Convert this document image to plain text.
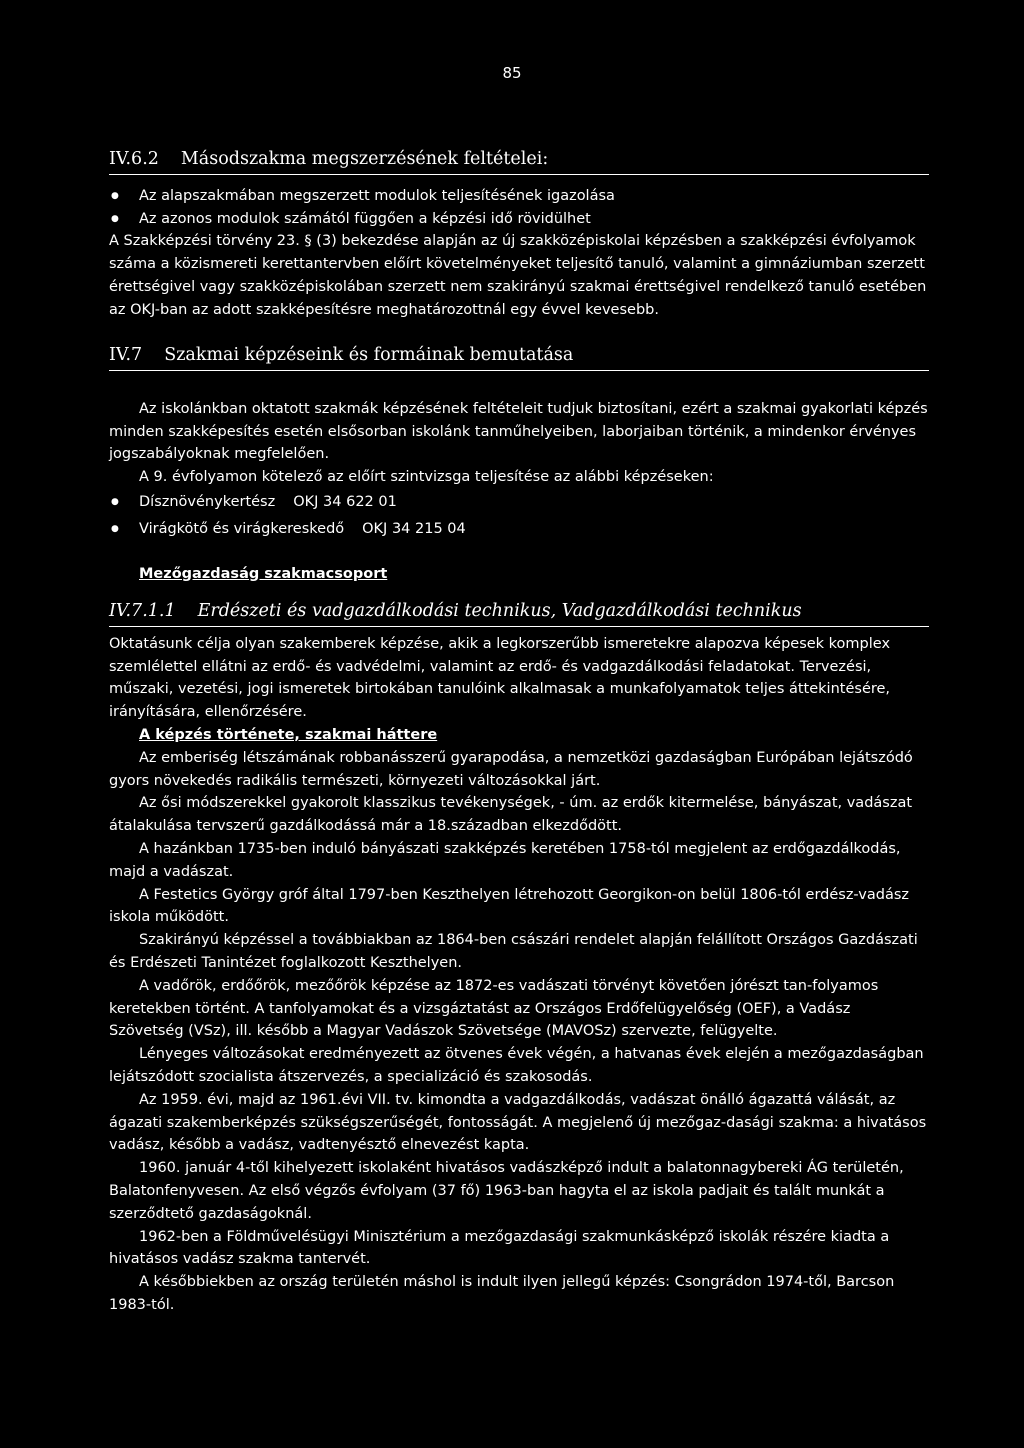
85
IV.6.2 Másodszakma megszerzésének feltételei:
● Az alapszakmában megszerzett modulok teljesítésének igazolása
● Az azonos modulok számától függően a képzési idő rövidülhet

A Szakképzési törvény 23. § (3) bekezdése alapján az új szakközépiskolai képzésben a szakképzési évfolyamok száma a közismereti kerettantervben előírt követelményeket teljesítő tanuló, valamint a gimnáziumban szerzett érettségivel vagy szakközépiskolában szerzett nem szakirányú szakmai érettségivel rendelkező tanuló esetében az OKJ-ban az adott szakképesítésre meghatározottnál egy évvel kevesebb.

IV.7 Szakmai képzéseink és formáinak bemutatása

Az iskolánkban oktatott szakmák képzésének feltételeit tudjuk biztosítani, ezért a szakmai gyakorlati képzés minden szakképesítés esetén elsősorban iskolánk tanműhelyeiben, laborjaiban történik, a mindenkor érvényes jogszabályoknak megfelelően.

A 9. évfolyamon kötelező az előírt szintvizsga teljesítése az alábbi képzéseken:

● Dísznövénykertész OKJ 34 622 01
● Virágkötő és virágkereskedő OKJ 34 215 04
Mezőgazdaság szakmacsoport
IV.7.1.1 Erdészeti és vadgazdálkodási technikus, Vadgazdálkodási technikus

Oktatásunk célja olyan szakemberek képzése, akik a legkorszerűbb ismeretekre alapozva képesek komplex szemlélettel ellátni az erdő- és vadvédelmi, valamint az erdő- és vadgazdálkodási feladatokat. Tervezési, műszaki, vezetési, jogi ismeretek birtokában tanulóink alkalmasak a munkafolyamatok teljes áttekintésére, irányítására, ellenőrzésére.

A képzés története, szakmai háttere

Az emberiség létszámának robbanásszerű gyarapodása, a nemzetközi gazdaságban Európában lejátszódó gyors növekedés radikális természeti, környezeti változásokkal járt.

Az ősi módszerekkel gyakorolt klasszikus tevékenységek, - úm. az erdők kitermelése, bányászat, vadászat átalakulása tervszerű gazdálkodássá már a 18.században elkezdődött.

A hazánkban 1735-ben induló bányászati szakképzés keretében 1758-tól megjelent az erdőgazdálkodás, majd a vadászat.

A Festetics György gróf által 1797-ben Keszthelyen létrehozott Georgikon-on belül 1806-tól erdész-vadász iskola működött.

Szakirányú képzéssel a továbbiakban az 1864-ben császári rendelet alapján felállított Országos Gazdászati és Erdészeti Tanintézet foglalkozott Keszthelyen.

A vadőrök, erdőőrök, mezőőrök képzése az 1872-es vadászati törvényt követően jórészt tan-folyamos keretekben történt. A tanfolyamokat és a vizsgáztatást az Országos Erdőfelügyelőség (OEF), a Vadász Szövetség (VSz), ill. később a Magyar Vadászok Szövetsége (MAVOSz) szervezte, felügyelte.

Lényeges változásokat eredményezett az ötvenes évek végén, a hatvanas évek elején a mezőgazdaságban lejátszódott szocialista átszervezés, a specializáció és szakosodás.

Az 1959. évi, majd az 1961.évi VII. tv. kimondta a vadgazdálkodás, vadászat önálló ágazattá válását, az ágazati szakemberképzés szükségszerűségét, fontosságát. A megjelenő új mezőgaz-dasági szakma: a hivatásos vadász, később a vadász, vadtenyésztő elnevezést kapta.

1960. január 4-től kihelyezett iskolaként hivatásos vadászképző indult a balatonnagybereki ÁG területén, Balatonfenyvesen. Az első végzős évfolyam (37 fő) 1963-ban hagyta el az iskola padjait és talált munkát a szerződtető gazdaságoknál.

1962-ben a Földművelésügyi Minisztérium a mezőgazdasági szakmunkásképző iskolák részére kiadta a hivatásos vadász szakma tantervét.

A későbbiekben az ország területén máshol is indult ilyen jellegű képzés: Csongrádon 1974-től, Barcson 1983-tól.
